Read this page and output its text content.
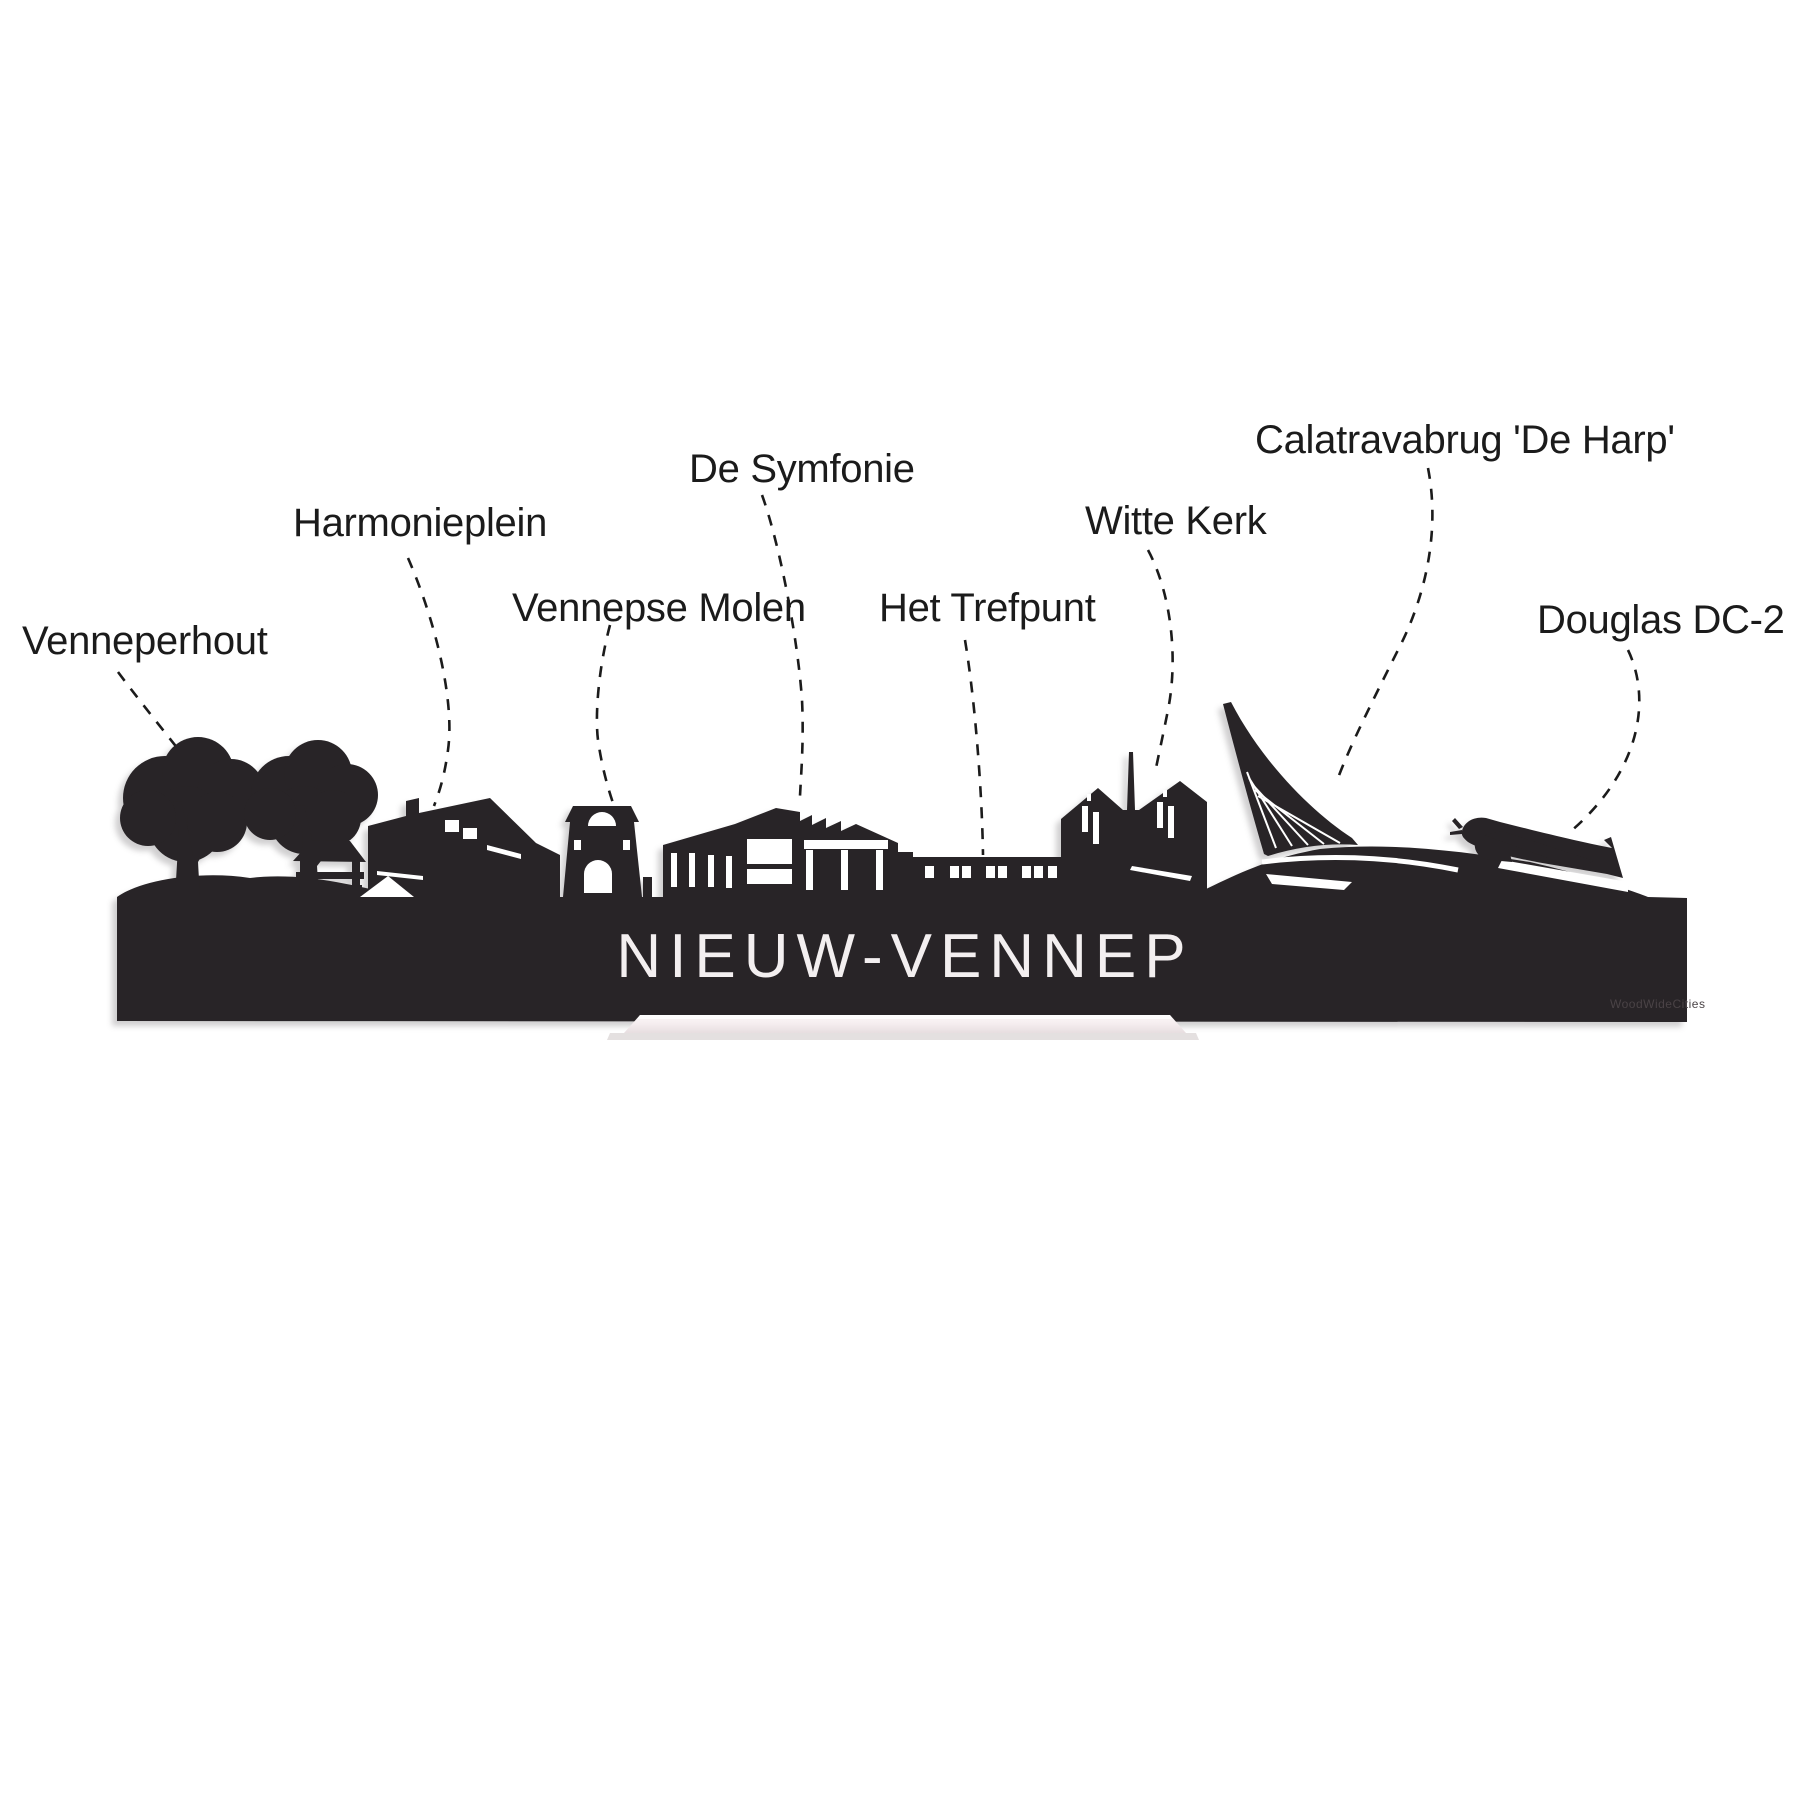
Venneperhout
Harmonieplein
Vennepse Molen
De Symfonie
Het Trefpunt
Witte Kerk
Calatravabrug 'De Harp'
Douglas DC-2
NIEUW-VENNEP
WoodWideCities
